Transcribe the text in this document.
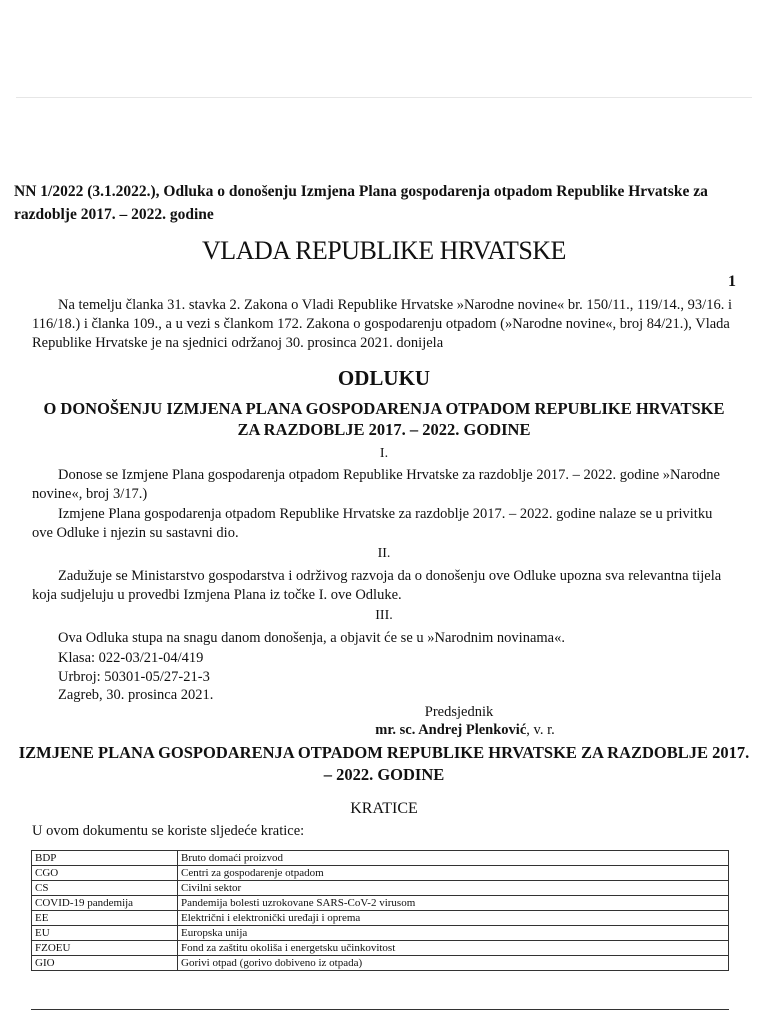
NN 1/2022 (3.1.2022.), Odluka o donošenju Izmjena Plana gospodarenja otpadom Republike Hrvatske za razdoblje 2017. – 2022. godine
VLADA REPUBLIKE HRVATSKE
1
Na temelju članka 31. stavka 2. Zakona o Vladi Republike Hrvatske »Narodne novine« br. 150/11., 119/14., 93/16. i 116/18.) i članka 109., a u vezi s člankom 172. Zakona o gospodarenju otpadom (»Narodne novine«, broj 84/21.), Vlada Republike Hrvatske je na sjednici održanoj 30. prosinca 2021. donijela
ODLUKU
O DONOŠENJU IZMJENA PLANA GOSPODARENJA OTPADOM REPUBLIKE HRVATSKE ZA RAZDOBLJE 2017. – 2022. GODINE
I.
Donose se Izmjene Plana gospodarenja otpadom Republike Hrvatske za razdoblje 2017. – 2022. godine »Narodne novine«, broj 3/17.)
Izmjene Plana gospodarenja otpadom Republike Hrvatske za razdoblje 2017. – 2022. godine nalaze se u privitku ove Odluke i njezin su sastavni dio.
II.
Zadužuje se Ministarstvo gospodarstva i održivog razvoja da o donošenju ove Odluke upozna sva relevantna tijela koja sudjeluju u provedbi Izmjena Plana iz točke I. ove Odluke.
III.
Ova Odluka stupa na snagu danom donošenja, a objavit će se u »Narodnim novinama«.
Klasa: 022-03/21-04/419
Urbroj: 50301-05/27-21-3
Zagreb, 30. prosinca 2021.
Predsjednik
mr. sc. Andrej Plenković, v. r.
IZMJENE PLANA GOSPODARENJA OTPADOM REPUBLIKE HRVATSKE ZA RAZDOBLJE 2017. – 2022. GODINE
KRATICE
U ovom dokumentu se koriste sljedeće kratice:
BDP	Bruto domaći proizvod
CGO	Centri za gospodarenje otpadom
CS	Civilni sektor
COVID-19 pandemija	Pandemija bolesti uzrokovane SARS-CoV-2 virusom
EE	Električni i elektronički uređaji i oprema
EU	Europska unija
FZOEU	Fond za zaštitu okoliša i energetsku učinkovitost
GIO	Gorivi otpad (gorivo dobiveno iz otpada)
